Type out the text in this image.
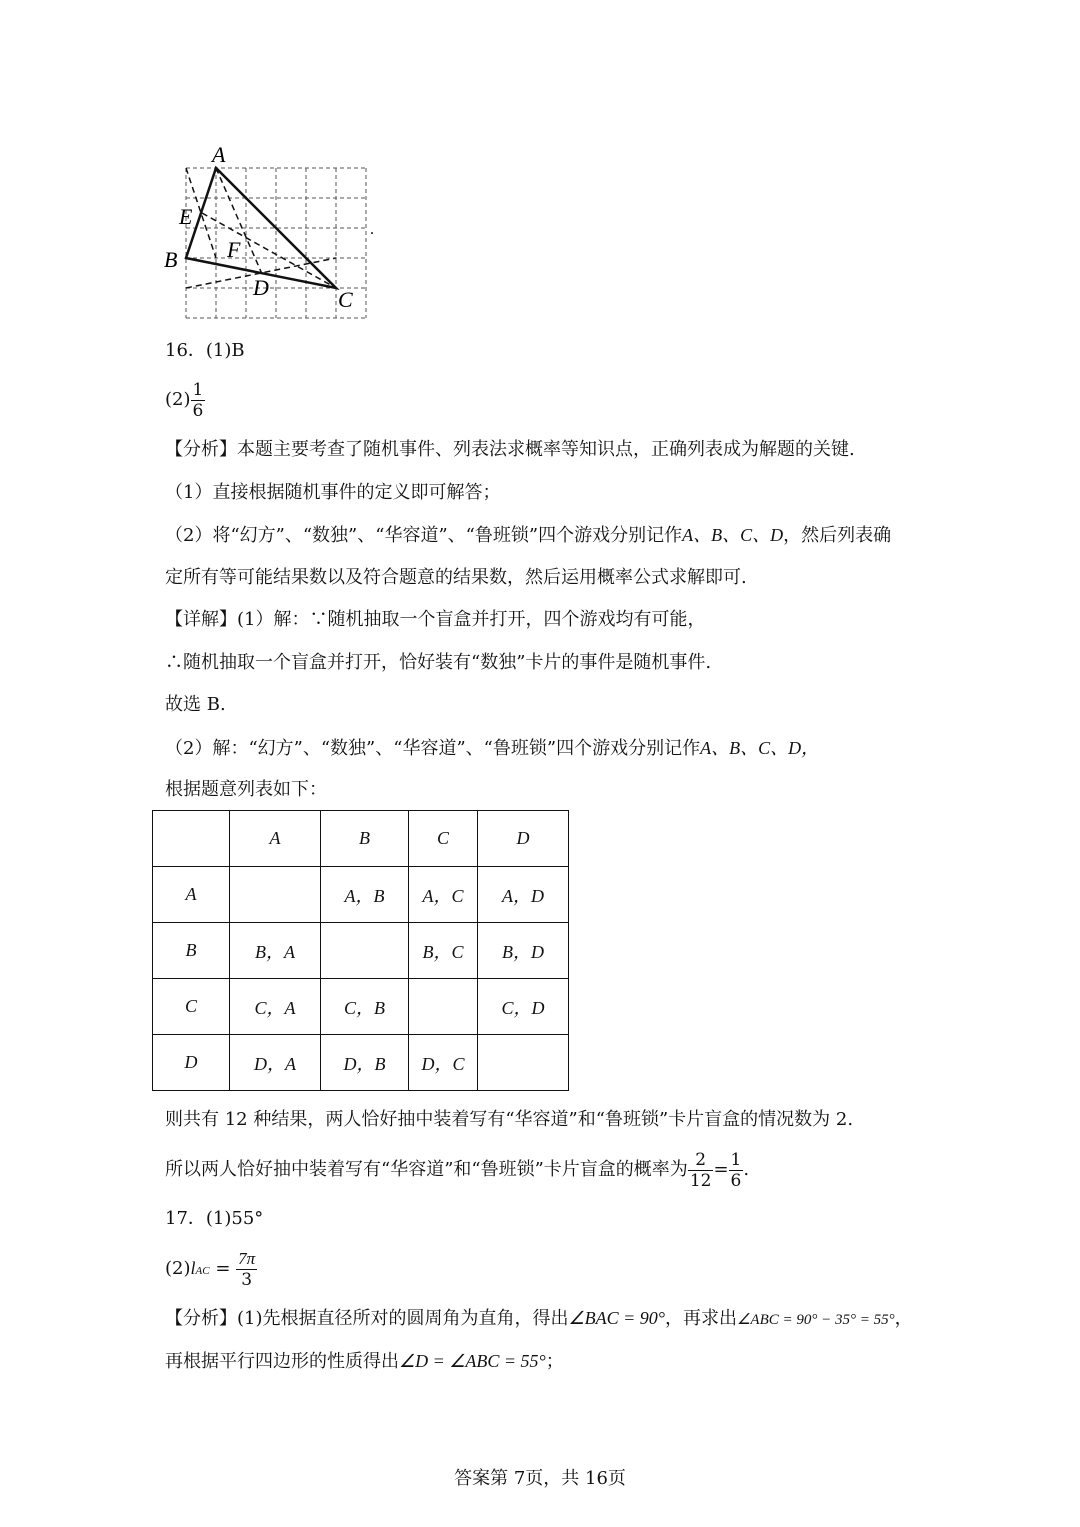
A
E
B F
D	C
.
16．(1)B
$(2) \frac{1}{6}$
【分析】本题主要考查了随机事件、列表法求概率等知识点，正确列表成为解题的关键.
（1）直接根据随机事件的定义即可解答；
（2）将“幻方”、“数独”、“华容道”、“鲁班锁”四个游戏分别记作A、B、C、D，然后列表确
定所有等可能结果数以及符合题意的结果数，然后运用概率公式求解即可.
【详解】(1）解：∵随机抽取一个盲盒并打开，四个游戏均有可能，
∴随机抽取一个盲盒并打开，恰好装有“数独”卡片的事件是随机事件.
故选 B.
（2）解：“幻方”、“数独”、“华容道”、“鲁班锁”四个游戏分别记作A、B、C、D，
根据题意列表如下：
	A	B	C	D
A		A，B	A，C	A，D
B	B，A		B，C	B，D
C	C，A	C，B		C，D
D	D，A	D，B	D，C	
则共有 12 种结果，两人恰好抽中装着写有“华容道”和“鲁班锁”卡片盲盒的情况数为 2.
所以两人恰好抽中装着写有“华容道”和“鲁班锁”卡片盲盒的概率为 $\frac{2}{12} = \frac{1}{6}$ .
17．(1)55°
$(2)lAC = \frac{7\pi}{3}$
【分析】(1)先根据直径所对的圆周角为直角，得出∠BAC = 90°，再求出∠ABC = 90° − 35° = 55°，
再根据平行四边形的性质得出∠D = ∠ABC = 55°；
答案第 7页，共 16页
